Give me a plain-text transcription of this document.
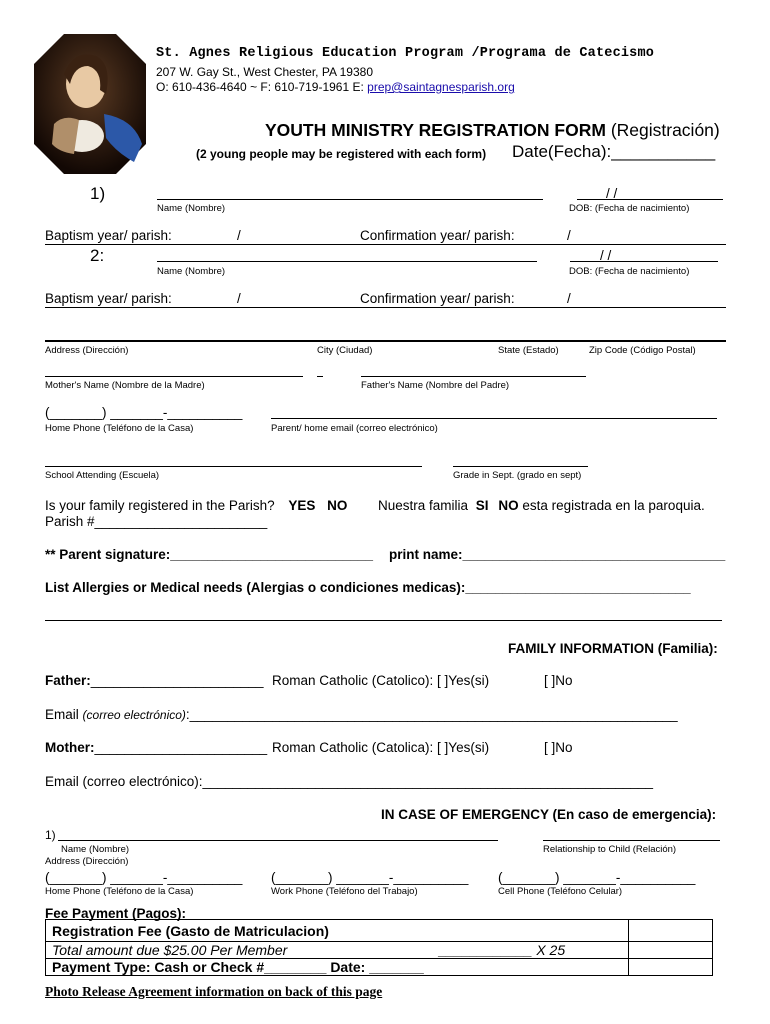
St. Agnes Religious Education Program /Programa de Catecismo
207 W. Gay St., West Chester, PA 19380
O: 610-436-4640 ~ F: 610-719-1961 E: prep@saintagnesparish.org
YOUTH MINISTRY REGISTRATION FORM (Registración)
(2 young people may be registered with each form) Date(Fecha):___________
1)
Name (Nombre)
/ /
DOB: (Fecha de nacimiento)
Baptism year/ parish:	/	Confirmation year/ parish:	/
2:
Name (Nombre)
/ /
DOB: (Fecha de nacimiento)
Baptism year/ parish:	/	Confirmation year/ parish:	/
Address (Dirección)	City (Ciudad)	State (Estado)	Zip Code (Código Postal)
Mother's Name (Nombre de la Madre)	Father's Name (Nombre del Padre)
(_______) _______-__________
Home Phone (Teléfono de la Casa)	Parent/ home email (correo electrónico)
School Attending (Escuela)	Grade in Sept. (grado en sept)
Is your family registered in the Parish? YES NO Nuestra familia SI NO esta registrada en la paroquia.
Parish #_______________________
** Parent signature:___________________________ print name:___________________________________
List Allergies or Medical needs (Alergias o condiciones medicas):______________________________
FAMILY INFORMATION (Familia):
Father:_______________________ Roman Catholic (Catolico): [ ]Yes(si)	[ ]No
Email (correo electrónico):_________________________________________________________________
Mother:_______________________ Roman Catholic (Catolica): [ ]Yes(si)	[ ]No
Email (correo electrónico):____________________________________________________________
IN CASE OF EMERGENCY (En caso de emergencia):
1)
Name (Nombre)	Relationship to Child (Relación)
Address (Dirección)
(_______) _______-__________ (_______) _______-__________ (_______) _______-__________
Home Phone (Teléfono de la Casa)	Work Phone (Teléfono del Trabajo)	Cell Phone (Teléfono Celular)
Fee Payment (Pagos):
Registration Fee (Gasto de Matriculacion)	
Total amount due $25.00 Per Member ____________ X 25	

Payment Type: Cash or Check #________ Date: _______	
Photo Release Agreement information on back of this page
